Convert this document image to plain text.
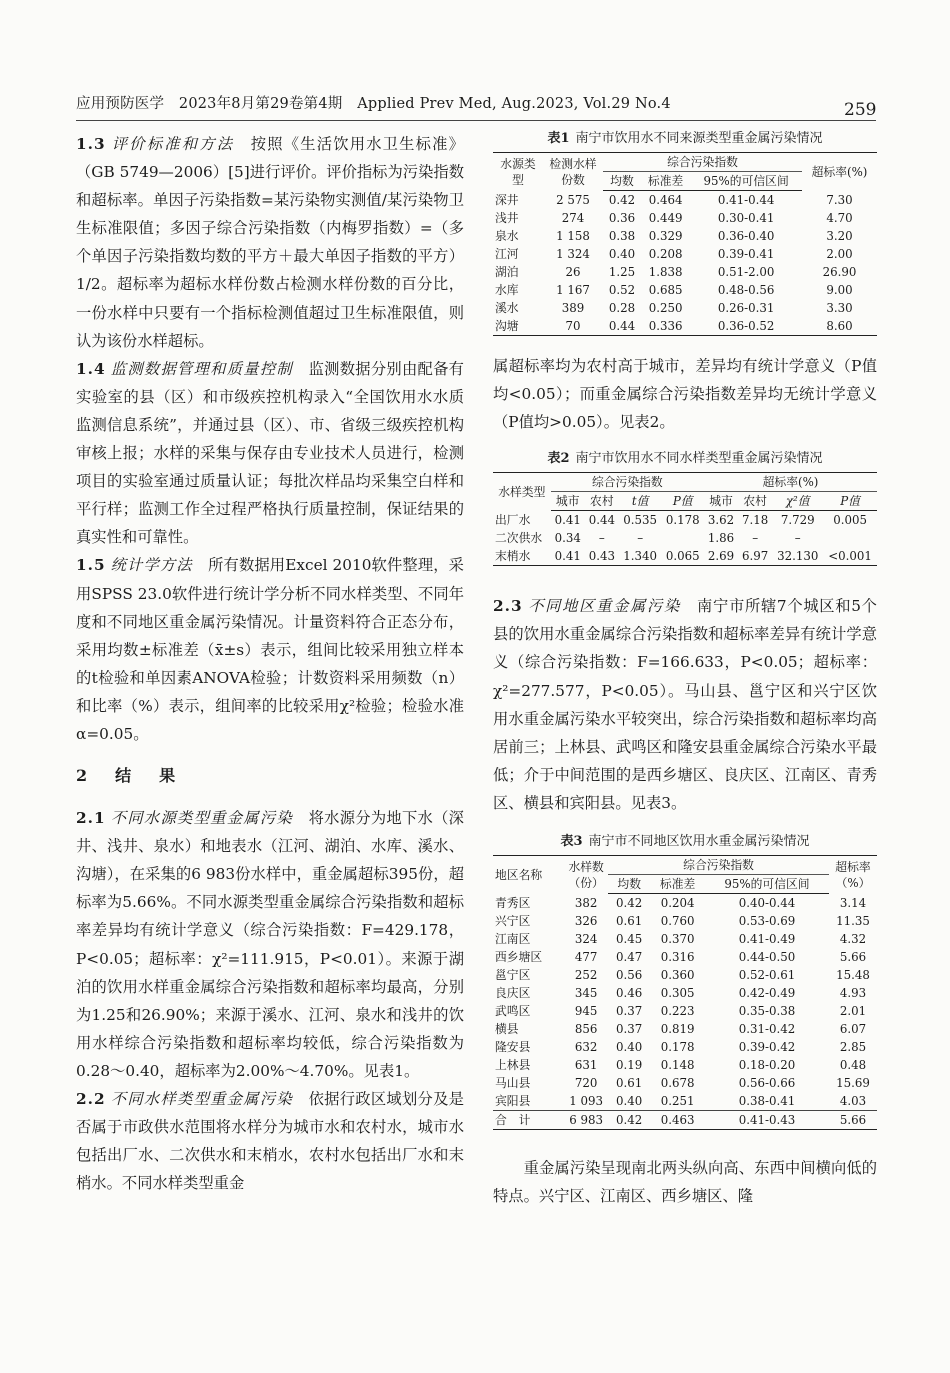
应用预防医学　2023年8月第29卷第4期　Applied Prev Med, Aug.2023, Vol.29 No.4	259

1.3 评价标准和方法　 按照《生活饮用水卫生标准》（GB 5749—2006）[5]进行评价。评价指标为污染指数和超标率。单因子污染指数=某污染物实测值/某污染物卫生标准限值；多因子综合污染指数（内梅罗指数）=（多个单因子污染指数均数的平方＋最大单因子指数的平方）1/2。超标率为超标水样份数占检测水样份数的百分比，一份水样中只要有一个指标检测值超过卫生标准限值，则认为该份水样超标。

1.4 监测数据管理和质量控制　 监测数据分别由配备有实验室的县（区）和市级疾控机构录入“全国饮用水水质监测信息系统”，并通过县（区）、市、省级三级疾控机构审核上报；水样的采集与保存由专业技术人员进行，检测项目的实验室通过质量认证；每批次样品均采集空白样和平行样；监测工作全过程严格执行质量控制，保证结果的真实性和可靠性。

1.5 统计学方法　 所有数据用Excel 2010软件整理，采用SPSS 23.0软件进行统计学分析不同水样类型、不同年度和不同地区重金属污染情况。计量资料符合正态分布，采用均数±标准差（x̄±s）表示，组间比较采用独立样本的t检验和单因素ANOVA检验；计数资料采用频数（n）和比率（%）表示，组间率的比较采用χ²检验；检验水准α=0.05。

2　结　果

2.1 不同水源类型重金属污染　 将水源分为地下水（深井、浅井、泉水）和地表水（江河、湖泊、水库、溪水、沟塘），在采集的6 983份水样中，重金属超标395份，超标率为5.66%。不同水源类型重金属综合污染指数和超标率差异均有统计学意义（综合污染指数：F=429.178，P<0.05；超标率：χ²=111.915，P<0.01）。来源于湖泊的饮用水样重金属综合污染指数和超标率均最高，分别为1.25和26.90%；来源于溪水、江河、泉水和浅井的饮用水样综合污染指数和超标率均较低，综合污染指数为0.28～0.40，超标率为2.00%～4.70%。见表1。

2.2 不同水样类型重金属污染　 依据行政区域划分及是否属于市政供水范围将水样分为城市水和农村水，城市水包括出厂水、二次供水和末梢水，农村水包括出厂水和末梢水。不同水样类型重金

表1 南宁市饮用水不同来源类型重金属污染情况

水源类型	检测水样份数	综合污染指数			超标率(%)
		均数	标准差	95%的可信区间	
深井	2 575	0.42	0.464	0.41-0.44	7.30
浅井	274	0.36	0.449	0.30-0.41	4.70
泉水	1 158	0.38	0.329	0.36-0.40	3.20
江河	1 324	0.40	0.208	0.39-0.41	2.00
湖泊	26	1.25	1.838	0.51-2.00	26.90
水库	1 167	0.52	0.685	0.48-0.56	9.00
溪水	389	0.28	0.250	0.26-0.31	3.30
沟塘	70	0.44	0.336	0.36-0.52	8.60

属超标率均为农村高于城市，差异均有统计学意义（P值均<0.05）；而重金属综合污染指数差异均无统计学意义（P值均>0.05）。见表2。

表2 南宁市饮用水不同水样类型重金属污染情况

水样类型	综合污染指数				超标率(%)			
	城市	农村	t值	P值	城市	农村	χ²值	P值
出厂水	0.41	0.44	0.535	0.178	3.62	7.18	7.729	0.005
二次供水	0.34	–	–		1.86	–	–	
末梢水	0.41	0.43	1.340	0.065	2.69	6.97	32.130	<0.001

2.3 不同地区重金属污染　 南宁市所辖7个城区和5个县的饮用水重金属综合污染指数和超标率差异有统计学意义（综合污染指数：F=166.633，P<0.05；超标率：χ²=277.577，P<0.05）。马山县、邕宁区和兴宁区饮用水重金属污染水平较突出，综合污染指数和超标率均高居前三；上林县、武鸣区和隆安县重金属综合污染水平最低；介于中间范围的是西乡塘区、良庆区、江南区、青秀区、横县和宾阳县。见表3。

表3 南宁市不同地区饮用水重金属污染情况

地区名称	水样数（份）	综合污染指数			超标率（%）
		均数	标准差	95%的可信区间	
青秀区	382	0.42	0.204	0.40-0.44	3.14
兴宁区	326	0.61	0.760	0.53-0.69	11.35
江南区	324	0.45	0.370	0.41-0.49	4.32
西乡塘区	477	0.47	0.316	0.44-0.50	5.66
邕宁区	252	0.56	0.360	0.52-0.61	15.48
良庆区	345	0.46	0.305	0.42-0.49	4.93
武鸣区	945	0.37	0.223	0.35-0.38	2.01
横县	856	0.37	0.819	0.31-0.42	6.07
隆安县	632	0.40	0.178	0.39-0.42	2.85
上林县	631	0.19	0.148	0.18-0.20	0.48
马山县	720	0.61	0.678	0.56-0.66	15.69
宾阳县	1 093	0.40	0.251	0.38-0.41	4.03
合　计	6 983	0.42	0.463	0.41-0.43	5.66

重金属污染呈现南北两头纵向高、东西中间横向低的特点。兴宁区、江南区、西乡塘区、隆
